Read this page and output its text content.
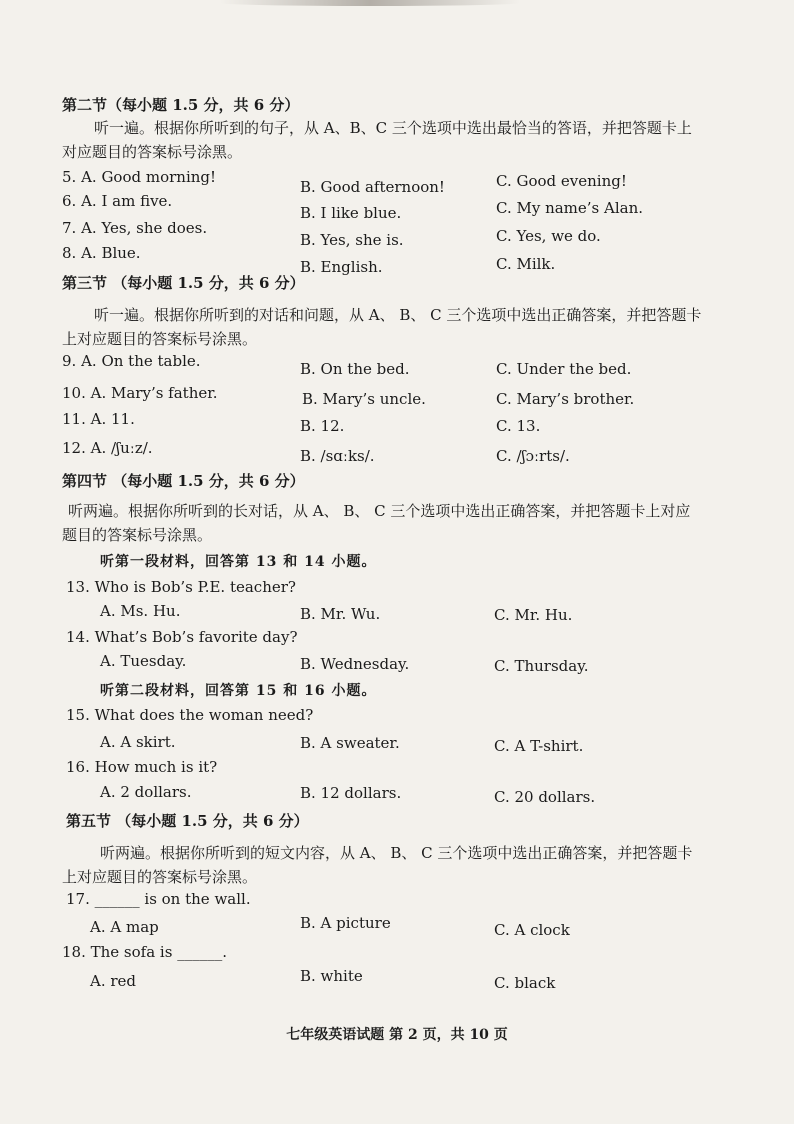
第二节（每小题 1.5 分，共 6 分）
听一遍。根据你所听到的句子，从 A、B、C 三个选项中选出最恰当的答语，并把答题卡上对应题目的答案标号涂黑。
5. A. Good morning!
B. Good afternoon!	C. Good evening!
6. A. I am five.
B. I like blue.	C. My name’s Alan.
7. A. Yes, she does.
B. Yes, she is.	C. Yes, we do.
8. A. Blue.
B. English.	C. Milk.
第三节 （每小题 1.5 分，共 6 分）
听一遍。根据你所听到的对话和问题，从 A、 B、 C 三个选项中选出正确答案，并把答题卡上对应题目的答案标号涂黑。
9. A. On the table.	B. On the bed.	C. Under the bed.
10. A. Mary’s father.	B. Mary’s uncle.	C. Mary’s brother.
11. A. 11.	B. 12.	C. 13.
12. A. /ʃuːz/.	B. /sɑːks/.	C. /ʃɔːrts/.
第四节 （每小题 1.5 分，共 6 分）
听两遍。根据你所听到的长对话，从 A、 B、 C 三个选项中选出正确答案，并把答题卡上对应题目的答案标号涂黑。
听第一段材料，回答第 13 和 14 小题。
13. Who is Bob’s P.E. teacher?
A. Ms. Hu.	B. Mr. Wu.	C. Mr. Hu.
14. What’s Bob’s favorite day?
A. Tuesday.	B. Wednesday.	C. Thursday.
听第二段材料，回答第 15 和 16 小题。
15. What does the woman need?
A. A skirt.	B. A sweater.	C. A T-shirt.
16. How much is it?
A. 2 dollars.	B. 12 dollars.	C. 20 dollars.
第五节 （每小题 1.5 分，共 6 分）
听两遍。根据你所听到的短文内容，从 A、 B、 C 三个选项中选出正确答案，并把答题卡上对应题目的答案标号涂黑。
17. ______ is on the wall.
A. A map	B. A picture	C. A clock
18. The sofa is ______.
A. red	B. white	C. black
七年级英语试题 第 2 页，共 10 页
